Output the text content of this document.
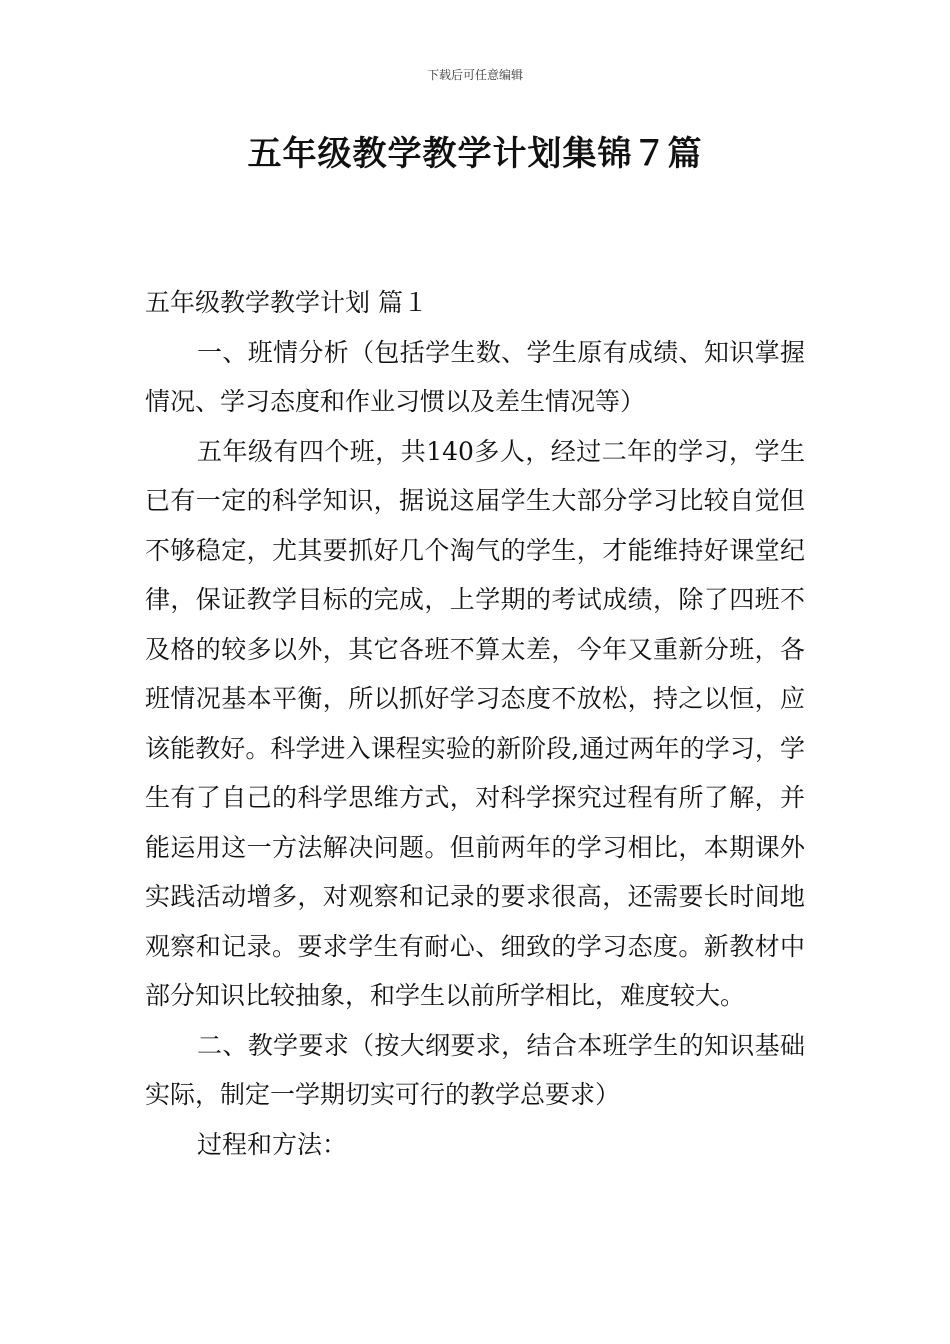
下载后可任意编辑
五年级教学教学计划集锦７篇

五年级教学教学计划 篇１

一、班情分析（包括学生数、学生原有成绩、知识掌握情况、学习态度和作业习惯以及差生情况等）

五年级有四个班，共140多人，经过二年的学习，学生已有一定的科学知识，据说这届学生大部分学习比较自觉但不够稳定，尤其要抓好几个淘气的学生，才能维持好课堂纪律，保证教学目标的完成，上学期的考试成绩，除了四班不及格的较多以外，其它各班不算太差，今年又重新分班，各班情况基本平衡，所以抓好学习态度不放松，持之以恒，应该能教好。科学进入课程实验的新阶段,通过两年的学习，学生有了自己的科学思维方式，对科学探究过程有所了解，并能运用这一方法解决问题。但前两年的学习相比，本期课外实践活动增多，对观察和记录的要求很高，还需要长时间地观察和记录。要求学生有耐心、细致的学习态度。新教材中部分知识比较抽象，和学生以前所学相比，难度较大。

二、教学要求（按大纲要求，结合本班学生的知识基础实际，制定一学期切实可行的教学总要求）

过程和方法：
